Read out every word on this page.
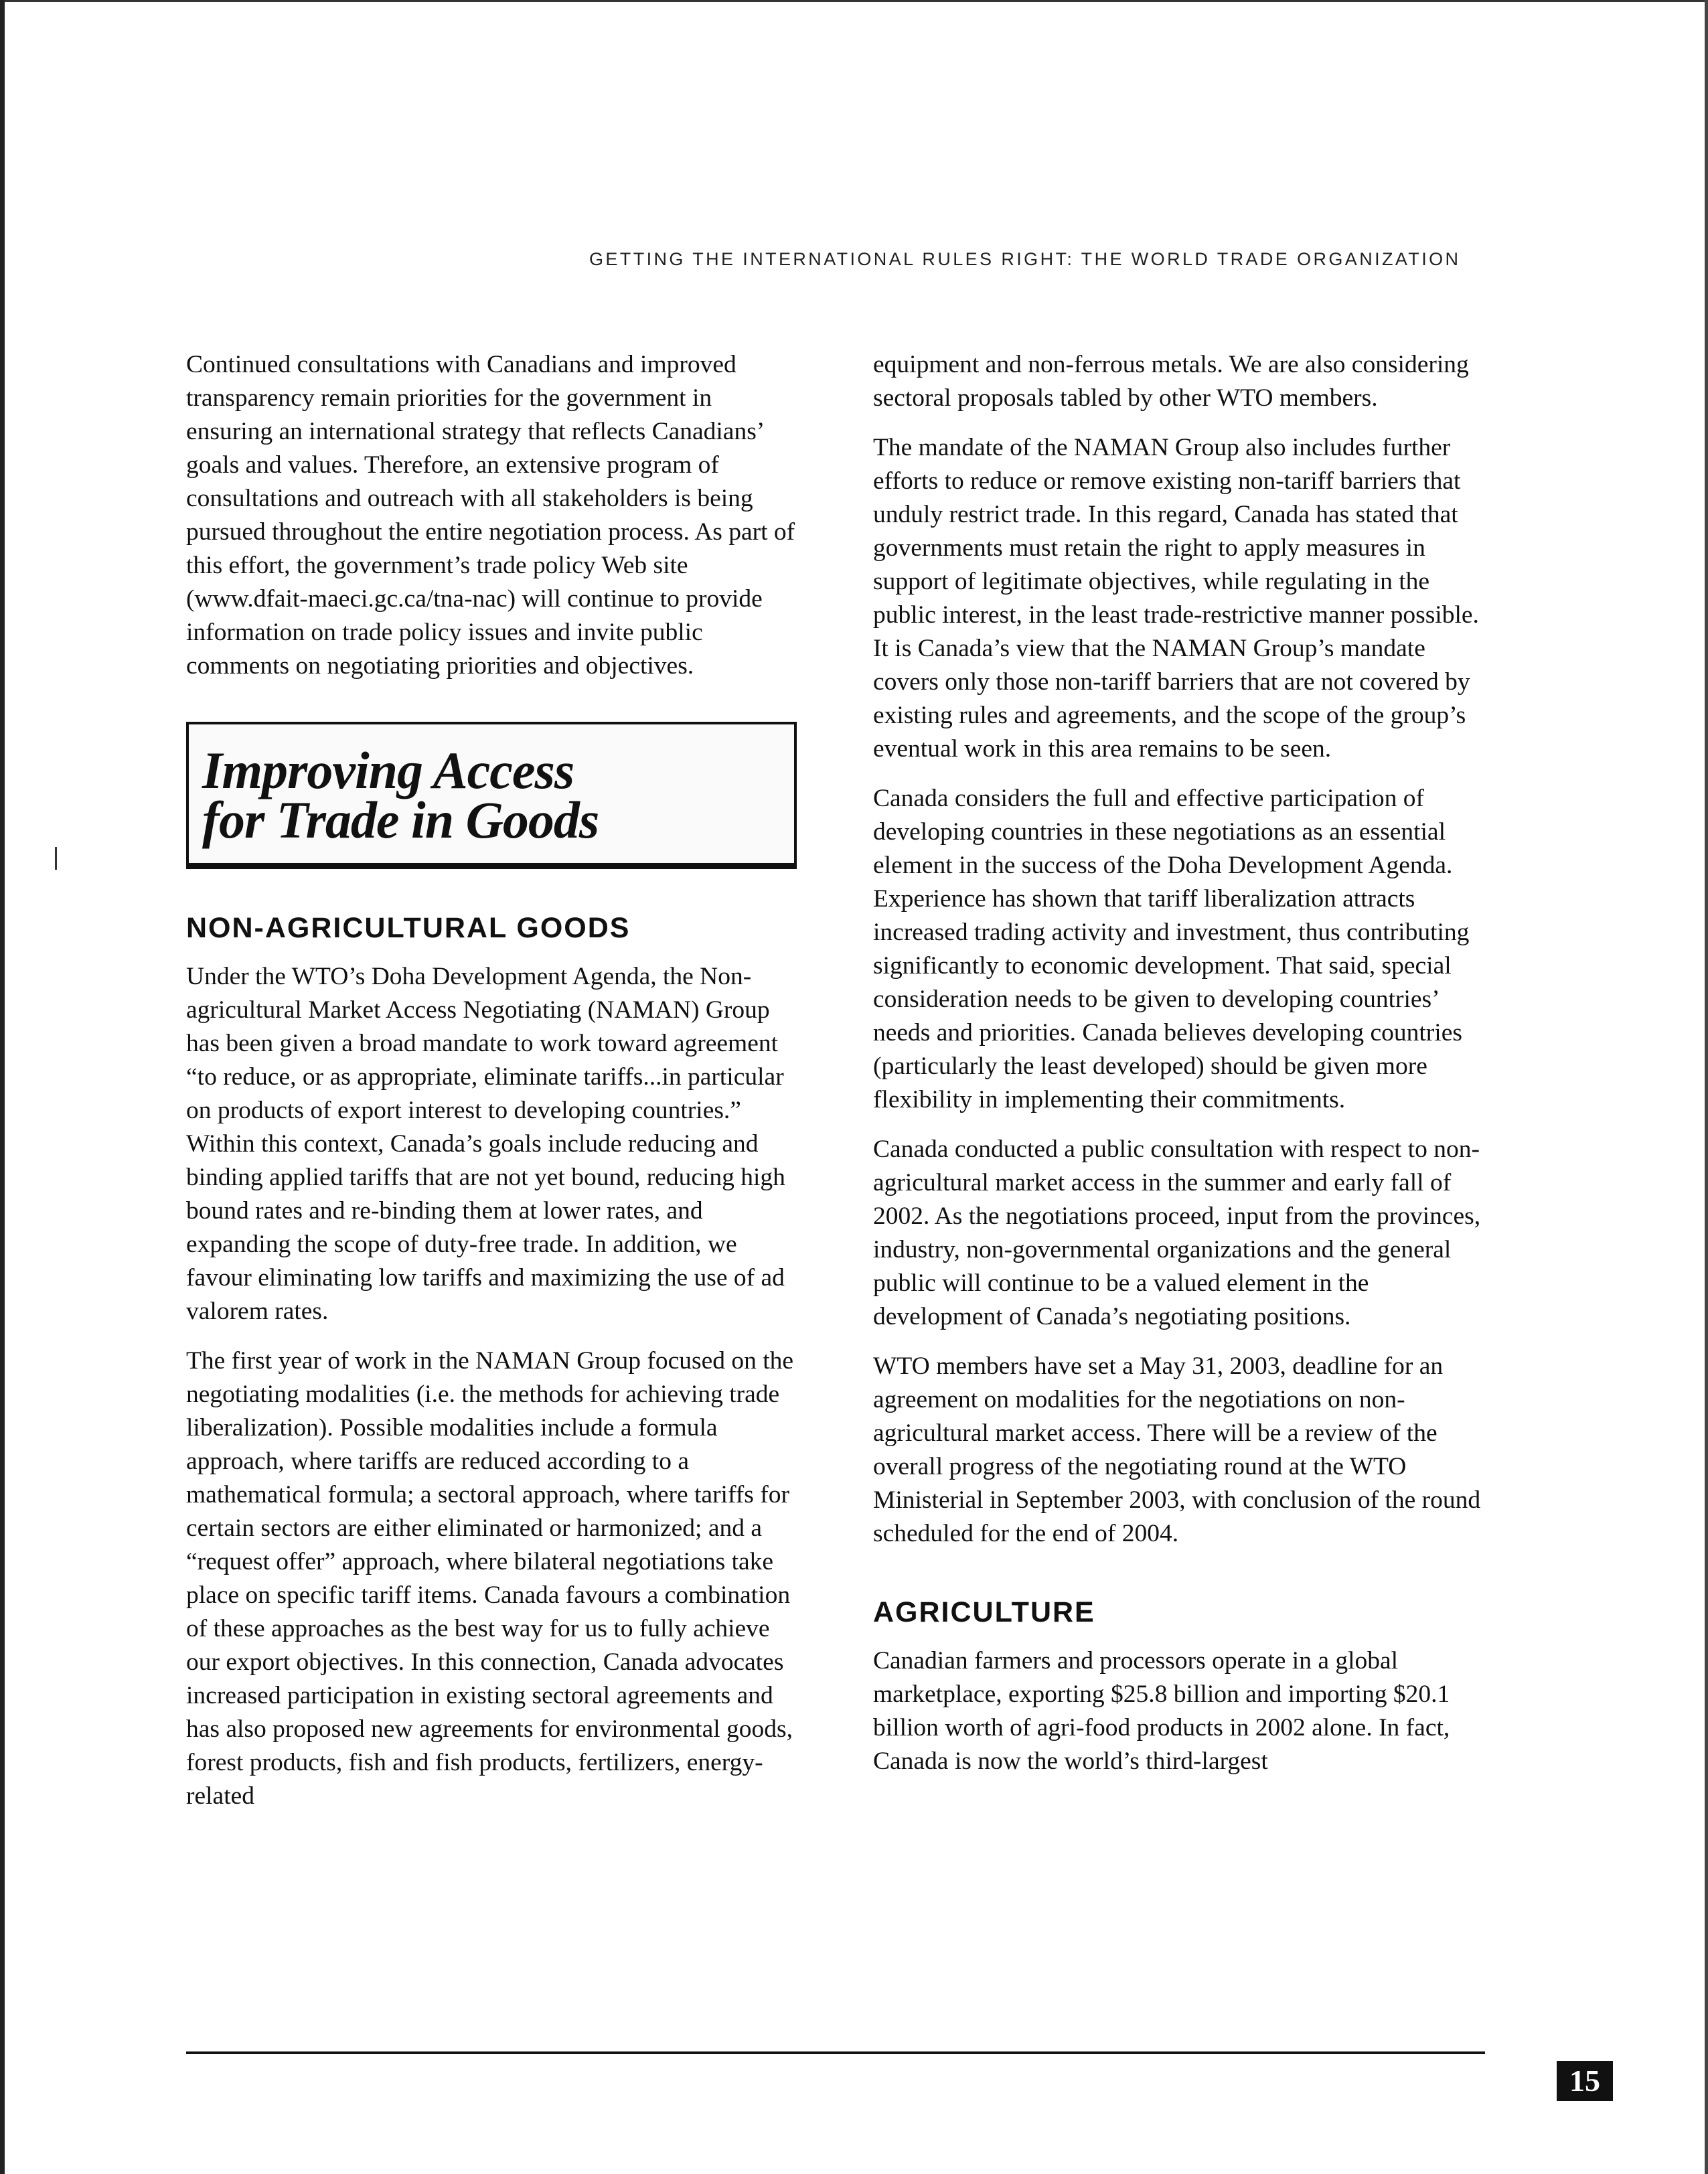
GETTING THE INTERNATIONAL RULES RIGHT: THE WORLD TRADE ORGANIZATION

Continued consultations with Canadians and improved transparency remain priorities for the government in ensuring an international strategy that reflects Canadians’ goals and values. Therefore, an extensive program of consultations and outreach with all stakeholders is being pursued throughout the entire negotiation process. As part of this effort, the government’s trade policy Web site (www.dfait-maeci.gc.ca/tna-nac) will continue to provide information on trade policy issues and invite public comments on negotiating priorities and objectives.

Improving Access
for Trade in Goods
NON-AGRICULTURAL GOODS

Under the WTO’s Doha Development Agenda, the Non-agricultural Market Access Negotiating (NAMAN) Group has been given a broad mandate to work toward agreement “to reduce, or as appropriate, eliminate tariffs...in particular on products of export interest to developing countries.” Within this context, Canada’s goals include reducing and binding applied tariffs that are not yet bound, reducing high bound rates and re-binding them at lower rates, and expanding the scope of duty-free trade. In addition, we favour eliminating low tariffs and maximizing the use of ad valorem rates.

The first year of work in the NAMAN Group focused on the negotiating modalities (i.e. the methods for achieving trade liberalization). Possible modalities include a formula approach, where tariffs are reduced according to a mathematical formula; a sectoral approach, where tariffs for certain sectors are either eliminated or harmonized; and a “request offer” approach, where bilateral negotiations take place on specific tariff items. Canada favours a combination of these approaches as the best way for us to fully achieve our export objectives. In this connection, Canada advocates increased participation in existing sectoral agreements and has also proposed new agreements for environmental goods, forest products, fish and fish products, fertilizers, energy-related

equipment and non-ferrous metals. We are also considering sectoral proposals tabled by other WTO members.

The mandate of the NAMAN Group also includes further efforts to reduce or remove existing non-tariff barriers that unduly restrict trade. In this regard, Canada has stated that governments must retain the right to apply measures in support of legitimate objectives, while regulating in the public interest, in the least trade-restrictive manner possible. It is Canada’s view that the NAMAN Group’s mandate covers only those non-tariff barriers that are not covered by existing rules and agreements, and the scope of the group’s eventual work in this area remains to be seen.

Canada considers the full and effective participation of developing countries in these negotiations as an essential element in the success of the Doha Development Agenda. Experience has shown that tariff liberalization attracts increased trading activity and investment, thus contributing significantly to economic development. That said, special consideration needs to be given to developing countries’ needs and priorities. Canada believes developing countries (particularly the least developed) should be given more flexibility in implementing their commitments.

Canada conducted a public consultation with respect to non-agricultural market access in the summer and early fall of 2002. As the negotiations proceed, input from the provinces, industry, non-governmental organizations and the general public will continue to be a valued element in the development of Canada’s negotiating positions.

WTO members have set a May 31, 2003, deadline for an agreement on modalities for the negotiations on non-agricultural market access. There will be a review of the overall progress of the negotiating round at the WTO Ministerial in September 2003, with conclusion of the round scheduled for the end of 2004.

AGRICULTURE

Canadian farmers and processors operate in a global marketplace, exporting $25.8 billion and importing $20.1 billion worth of agri-food products in 2002 alone. In fact, Canada is now the world’s third-largest

15
